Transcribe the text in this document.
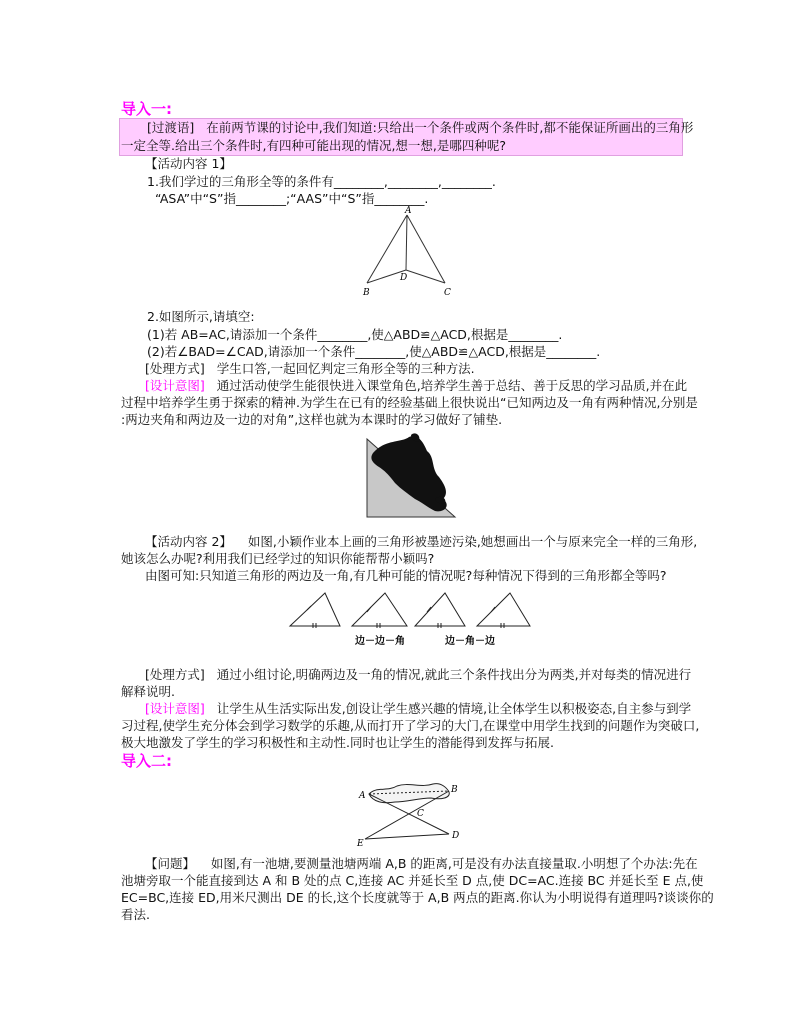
导入一:
[过渡语] 在前两节课的讨论中,我们知道:只给出一个条件或两个条件时,都不能保证所画出的三角形
一定全等.给出三个条件时,有四种可能出现的情况,想一想,是哪四种呢?
【活动内容 1】
1.我们学过的三角形全等的条件有________,________,________.
“ASA”中“S”指________;“AAS”中“S”指________.
A
B	C
D
2.如图所示,请填空:
(1)若 AB=AC,请添加一个条件________,使△ABD≌△ACD,根据是________.
(2)若∠BAD=∠CAD,请添加一个条件________,使△ABD≌△ACD,根据是________.
[处理方式] 学生口答,一起回忆判定三角形全等的三种方法.
[设计意图] 通过活动使学生能很快进入课堂角色,培养学生善于总结、善于反思的学习品质,并在此
过程中培养学生勇于探索的精神.为学生在已有的经验基础上很快说出“已知两边及一角有两种情况,分别是
:两边夹角和两边及一边的对角”,这样也就为本课时的学习做好了铺垫.
【活动内容 2】 如图,小颖作业本上画的三角形被墨迹污染,她想画出一个与原来完全一样的三角形,
她该怎么办呢?利用我们已经学过的知识你能帮帮小颖吗?
由图可知:只知道三角形的两边及一角,有几种可能的情况呢?每种情况下得到的三角形都全等吗?
边－边－角	边－角－边
[处理方式] 通过小组讨论,明确两边及一角的情况,就此三个条件找出分为两类,并对每类的情况进行
解释说明.
[设计意图] 让学生从生活实际出发,创设让学生感兴趣的情境,让全体学生以积极姿态,自主参与到学
习过程,使学生充分体会到学习数学的乐趣,从而打开了学习的大门,在课堂中用学生找到的问题作为突破口,
极大地激发了学生的学习积极性和主动性.同时也让学生的潜能得到发挥与拓展.
导入二:
A
B
C
D
E
【问题】 如图,有一池塘,要测量池塘两端 A,B 的距离,可是没有办法直接量取.小明想了个办法:先在
池塘旁取一个能直接到达 A 和 B 处的点 C,连接 AC 并延长至 D 点,使 DC=AC.连接 BC 并延长至 E 点,使
EC=BC,连接 ED,用米尺测出 DE 的长,这个长度就等于 A,B 两点的距离.你认为小明说得有道理吗?谈谈你的
看法.
